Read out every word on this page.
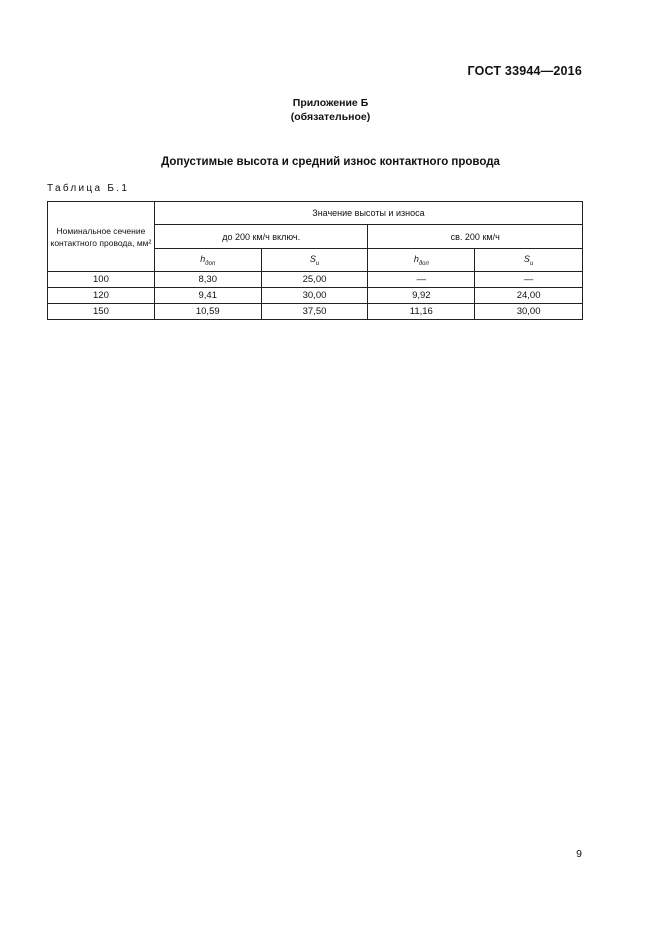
ГОСТ 33944—2016
Приложение Б
(обязательное)
Допустимые высота и средний износ контактного провода
Таблица Б.1
Номинальное сечение контактного провода, мм²	Значение высоты и износа			
	до 200 км/ч включ.		св. 200 км/ч	
	$h_{доп}$	$S_и$	$h_{доп}$	$S_и$
100	8,30	25,00	—	—
120	9,41	30,00	9,92	24,00
150	10,59	37,50	11,16	30,00
9
